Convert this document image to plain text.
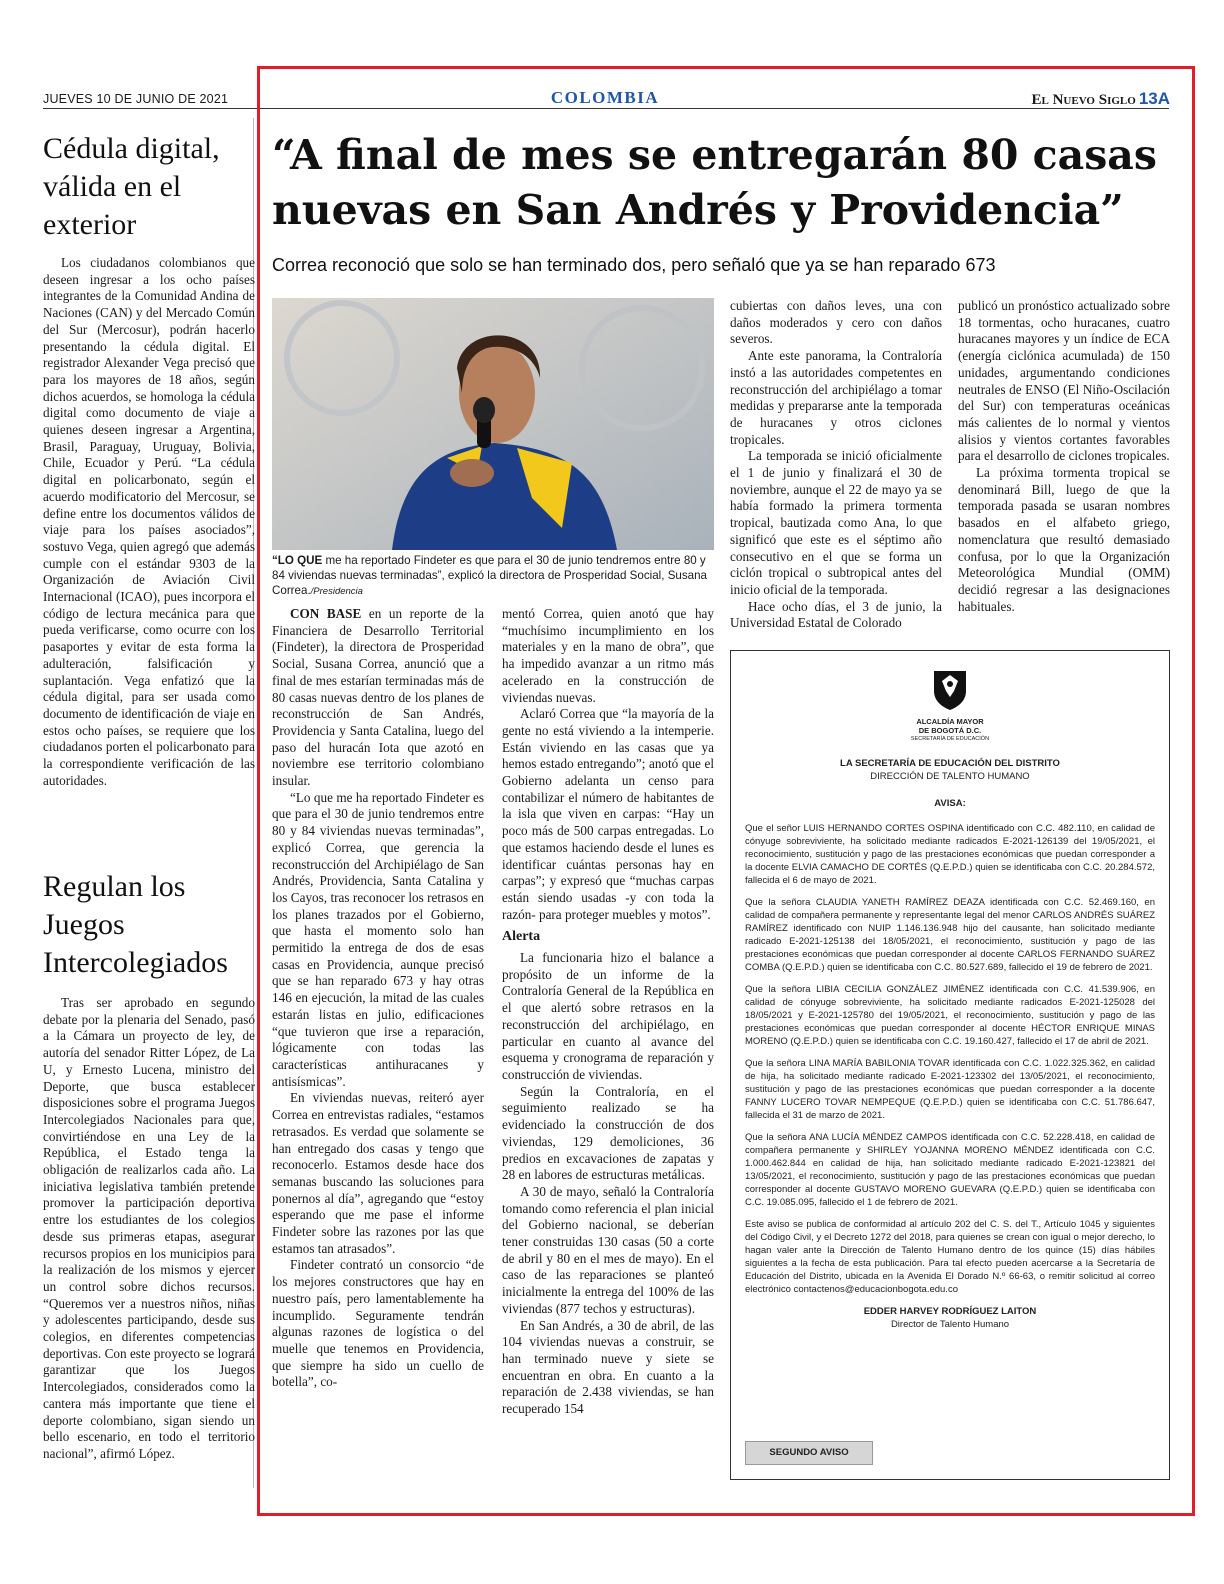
JUEVES 10 DE JUNIO DE 2021	COLOMBIA	El Nuevo Siglo 13A
Cédula digital, válida en el exterior

Los ciudadanos colombianos que deseen ingresar a los ocho países integrantes de la Comunidad Andina de Naciones (CAN) y del Mercado Común del Sur (Mercosur), podrán hacerlo presentando la cédula digital. El registrador Alexander Vega precisó que para los mayores de 18 años, según dichos acuerdos, se homologa la cédula digital como documento de viaje a quienes deseen ingresar a Argentina, Brasil, Paraguay, Uruguay, Bolivia, Chile, Ecuador y Perú. “La cédula digital en policarbonato, según el acuerdo modificatorio del Mercosur, se define entre los documentos válidos de viaje para los países asociados”, sostuvo Vega, quien agregó que además cumple con el estándar 9303 de la Organización de Aviación Civil Internacional (ICAO), pues incorpora el código de lectura mecánica para que pueda verificarse, como ocurre con los pasaportes y evitar de esta forma la adulteración, falsificación y suplantación. Vega enfatizó que la cédula digital, para ser usada como documento de identificación de viaje en estos ocho países, se requiere que los ciudadanos porten el policarbonato para la correspondiente verificación de las autoridades.

Regulan los Juegos Intercolegiados

Tras ser aprobado en segundo debate por la plenaria del Senado, pasó a la Cámara un proyecto de ley, de autoría del senador Ritter López, de La U, y Ernesto Lucena, ministro del Deporte, que busca establecer disposiciones sobre el programa Juegos Intercolegiados Nacionales para que, convirtiéndose en una Ley de la República, el Estado tenga la obligación de realizarlos cada año. La iniciativa legislativa también pretende promover la participación deportiva entre los estudiantes de los colegios desde sus primeras etapas, asegurar recursos propios en los municipios para la realización de los mismos y ejercer un control sobre dichos recursos. “Queremos ver a nuestros niños, niñas y adolescentes participando, desde sus colegios, en diferentes competencias deportivas. Con este proyecto se logrará garantizar que los Juegos Intercolegiados, considerados como la cantera más importante que tiene el deporte colombiano, sigan siendo un bello escenario, en todo el territorio nacional”, afirmó López.

“A final de mes se entregarán 80 casas nuevas en San Andrés y Providencia”
Correa reconoció que solo se han terminado dos, pero señaló que ya se han reparado 673
“LO QUE me ha reportado Findeter es que para el 30 de junio tendremos entre 80 y 84 viviendas nuevas terminadas”, explicó la directora de Prosperidad Social, Susana Correa./Presidencia

CON BASE en un reporte de la Financiera de Desarrollo Territorial (Findeter), la directora de Prosperidad Social, Susana Correa, anunció que a final de mes estarían terminadas más de 80 casas nuevas dentro de los planes de reconstrucción de San Andrés, Providencia y Santa Catalina, luego del paso del huracán Iota que azotó en noviembre ese territorio colombiano insular.

“Lo que me ha reportado Findeter es que para el 30 de junio tendremos entre 80 y 84 viviendas nuevas terminadas”, explicó Correa, que gerencia la reconstrucción del Archipiélago de San Andrés, Providencia, Santa Catalina y los Cayos, tras reconocer los retrasos en los planes trazados por el Gobierno, que hasta el momento solo han permitido la entrega de dos de esas casas en Providencia, aunque precisó que se han reparado 673 y hay otras 146 en ejecución, la mitad de las cuales estarán listas en julio, edificaciones “que tuvieron que irse a reparación, lógicamente con todas las características antihuracanes y antisísmicas”.

En viviendas nuevas, reiteró ayer Correa en entrevistas radiales, “estamos retrasados. Es verdad que solamente se han entregado dos casas y tengo que reconocerlo. Estamos desde hace dos semanas buscando las soluciones para ponernos al día”, agregando que “estoy esperando que me pase el informe Findeter sobre las razones por las que estamos tan atrasados”.

Findeter contrató un consorcio “de los mejores constructores que hay en nuestro país, pero lamentablemente ha incumplido. Seguramente tendrán algunas razones de logística o del muelle que tenemos en Providencia, que siempre ha sido un cuello de botella”, co-

mentó Correa, quien anotó que hay “muchísimo incumplimiento en los materiales y en la mano de obra”, que ha impedido avanzar a un ritmo más acelerado en la construcción de viviendas nuevas.

Aclaró Correa que “la mayoría de la gente no está viviendo a la intemperie. Están viviendo en las casas que ya hemos estado entregando”; anotó que el Gobierno adelanta un censo para contabilizar el número de habitantes de la isla que viven en carpas: “Hay un poco más de 500 carpas entregadas. Lo que estamos haciendo desde el lunes es identificar cuántas personas hay en carpas”; y expresó que “muchas carpas están siendo usadas -y con toda la razón- para proteger muebles y motos”.

Alerta

La funcionaria hizo el balance a propósito de un informe de la Contraloría General de la República en el que alertó sobre retrasos en la reconstrucción del archipiélago, en particular en cuanto al avance del esquema y cronograma de reparación y construcción de viviendas.

Según la Contraloría, en el seguimiento realizado se ha evidenciado la construcción de dos viviendas, 129 demoliciones, 36 predios en excavaciones de zapatas y 28 en labores de estructuras metálicas.

A 30 de mayo, señaló la Contraloría tomando como referencia el plan inicial del Gobierno nacional, se deberían tener construidas 130 casas (50 a corte de abril y 80 en el mes de mayo). En el caso de las reparaciones se planteó inicialmente la entrega del 100% de las viviendas (877 techos y estructuras).

En San Andrés, a 30 de abril, de las 104 viviendas nuevas a construir, se han terminado nueve y siete se encuentran en obra. En cuanto a la reparación de 2.438 viviendas, se han recuperado 154

cubiertas con daños leves, una con daños moderados y cero con daños severos.

Ante este panorama, la Contraloría instó a las autoridades competentes en reconstrucción del archipiélago a tomar medidas y prepararse ante la temporada de huracanes y otros ciclones tropicales.

La temporada se inició oficialmente el 1 de junio y finalizará el 30 de noviembre, aunque el 22 de mayo ya se había formado la primera tormenta tropical, bautizada como Ana, lo que significó que este es el séptimo año consecutivo en el que se forma un ciclón tropical o subtropical antes del inicio oficial de la temporada.

Hace ocho días, el 3 de junio, la Universidad Estatal de Colorado

publicó un pronóstico actualizado sobre 18 tormentas, ocho huracanes, cuatro huracanes mayores y un índice de ECA (energía ciclónica acumulada) de 150 unidades, argumentando condiciones neutrales de ENSO (El Niño-Oscilación del Sur) con temperaturas oceánicas más calientes de lo normal y vientos alisios y vientos cortantes favorables para el desarrollo de ciclones tropicales.

La próxima tormenta tropical se denominará Bill, luego de que la temporada pasada se usaran nombres basados en el alfabeto griego, nomenclatura que resultó demasiado confusa, por lo que la Organización Meteorológica Mundial (OMM) decidió regresar a las designaciones habituales.

ALCALDÍA MAYOR
DE BOGOTÁ D.C.
SECRETARÍA DE EDUCACIÓN
LA SECRETARÍA DE EDUCACIÓN DEL DISTRITO
DIRECCIÓN DE TALENTO HUMANO
AVISA:

Que el señor LUIS HERNANDO CORTES OSPINA identificado con C.C. 482.110, en calidad de cónyuge sobreviviente, ha solicitado mediante radicados E-2021-126139 del 19/05/2021, el reconocimiento, sustitución y pago de las prestaciones económicas que puedan corresponder a la docente ELVIA CAMACHO DE CORTÉS (Q.E.P.D.) quien se identificaba con C.C. 20.284.572, fallecida el 6 de mayo de 2021.

Que la señora CLAUDIA YANETH RAMÍREZ DEAZA identificada con C.C. 52.469.160, en calidad de compañera permanente y representante legal del menor CARLOS ANDRÉS SUÁREZ RAMÍREZ identificado con NUIP 1.146.136.948 hijo del causante, han solicitado mediante radicado E-2021-125138 del 18/05/2021, el reconocimiento, sustitución y pago de las prestaciones económicas que puedan corresponder al docente CARLOS FERNANDO SUÁREZ COMBA (Q.E.P.D.) quien se identificaba con C.C. 80.527.689, fallecido el 19 de febrero de 2021.

Que la señora LIBIA CECILIA GONZÁLEZ JIMÉNEZ identificada con C.C. 41.539.906, en calidad de cónyuge sobreviviente, ha solicitado mediante radicados E-2021-125028 del 18/05/2021 y E-2021-125780 del 19/05/2021, el reconocimiento, sustitución y pago de las prestaciones económicas que puedan corresponder al docente HÉCTOR ENRIQUE MINAS MORENO (Q.E.P.D.) quien se identificaba con C.C. 19.160.427, fallecido el 17 de abril de 2021.

Que la señora LINA MARÍA BABILONIA TOVAR identificada con C.C. 1.022.325.362, en calidad de hija, ha solicitado mediante radicado E-2021-123302 del 13/05/2021, el reconocimiento, sustitución y pago de las prestaciones económicas que puedan corresponder a la docente FANNY LUCERO TOVAR NEMPEQUE (Q.E.P.D.) quien se identificaba con C.C. 51.786.647, fallecida el 31 de marzo de 2021.

Que la señora ANA LUCÍA MÉNDEZ CAMPOS identificada con C.C. 52.228.418, en calidad de compañera permanente y SHIRLEY YOJANNA MORENO MÉNDEZ identificada con C.C. 1.000.462.844 en calidad de hija, han solicitado mediante radicado E-2021-123821 del 13/05/2021, el reconocimiento, sustitución y pago de las prestaciones económicas que puedan corresponder al docente GUSTAVO MORENO GUEVARA (Q.E.P.D.) quien se identificaba con C.C. 19.085.095, fallecido el 1 de febrero de 2021.

Este aviso se publica de conformidad al artículo 202 del C. S. del T., Artículo 1045 y siguientes del Código Civil, y el Decreto 1272 del 2018, para quienes se crean con igual o mejor derecho, lo hagan valer ante la Dirección de Talento Humano dentro de los quince (15) días hábiles siguientes a la fecha de esta publicación. Para tal efecto pueden acercarse a la Secretaría de Educación del Distrito, ubicada en la Avenida El Dorado N.º 66-63, o remitir solicitud al correo electrónico contactenos@educacionbogota.edu.co

EDDER HARVEY RODRÍGUEZ LAITON
Director de Talento Humano
SEGUNDO AVISO
